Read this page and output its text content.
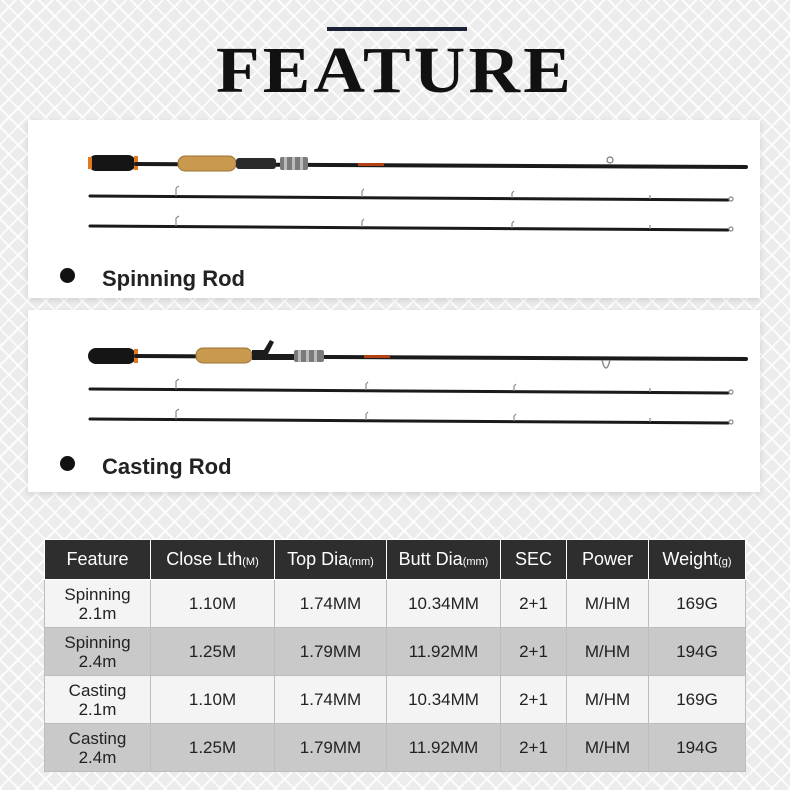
FEATURE
Spinning Rod
Casting Rod
Feature	Close Lth(M)	Top Dia(mm)	Butt Dia(mm)	SEC	Power	Weight(g)
Spinning
2.1m	1.10M	1.74MM	10.34MM	2+1	M/HM	169G
Spinning
2.4m	1.25M	1.79MM	11.92MM	2+1	M/HM	194G
Casting
2.1m	1.10M	1.74MM	10.34MM	2+1	M/HM	169G
Casting
2.4m	1.25M	1.79MM	11.92MM	2+1	M/HM	194G
